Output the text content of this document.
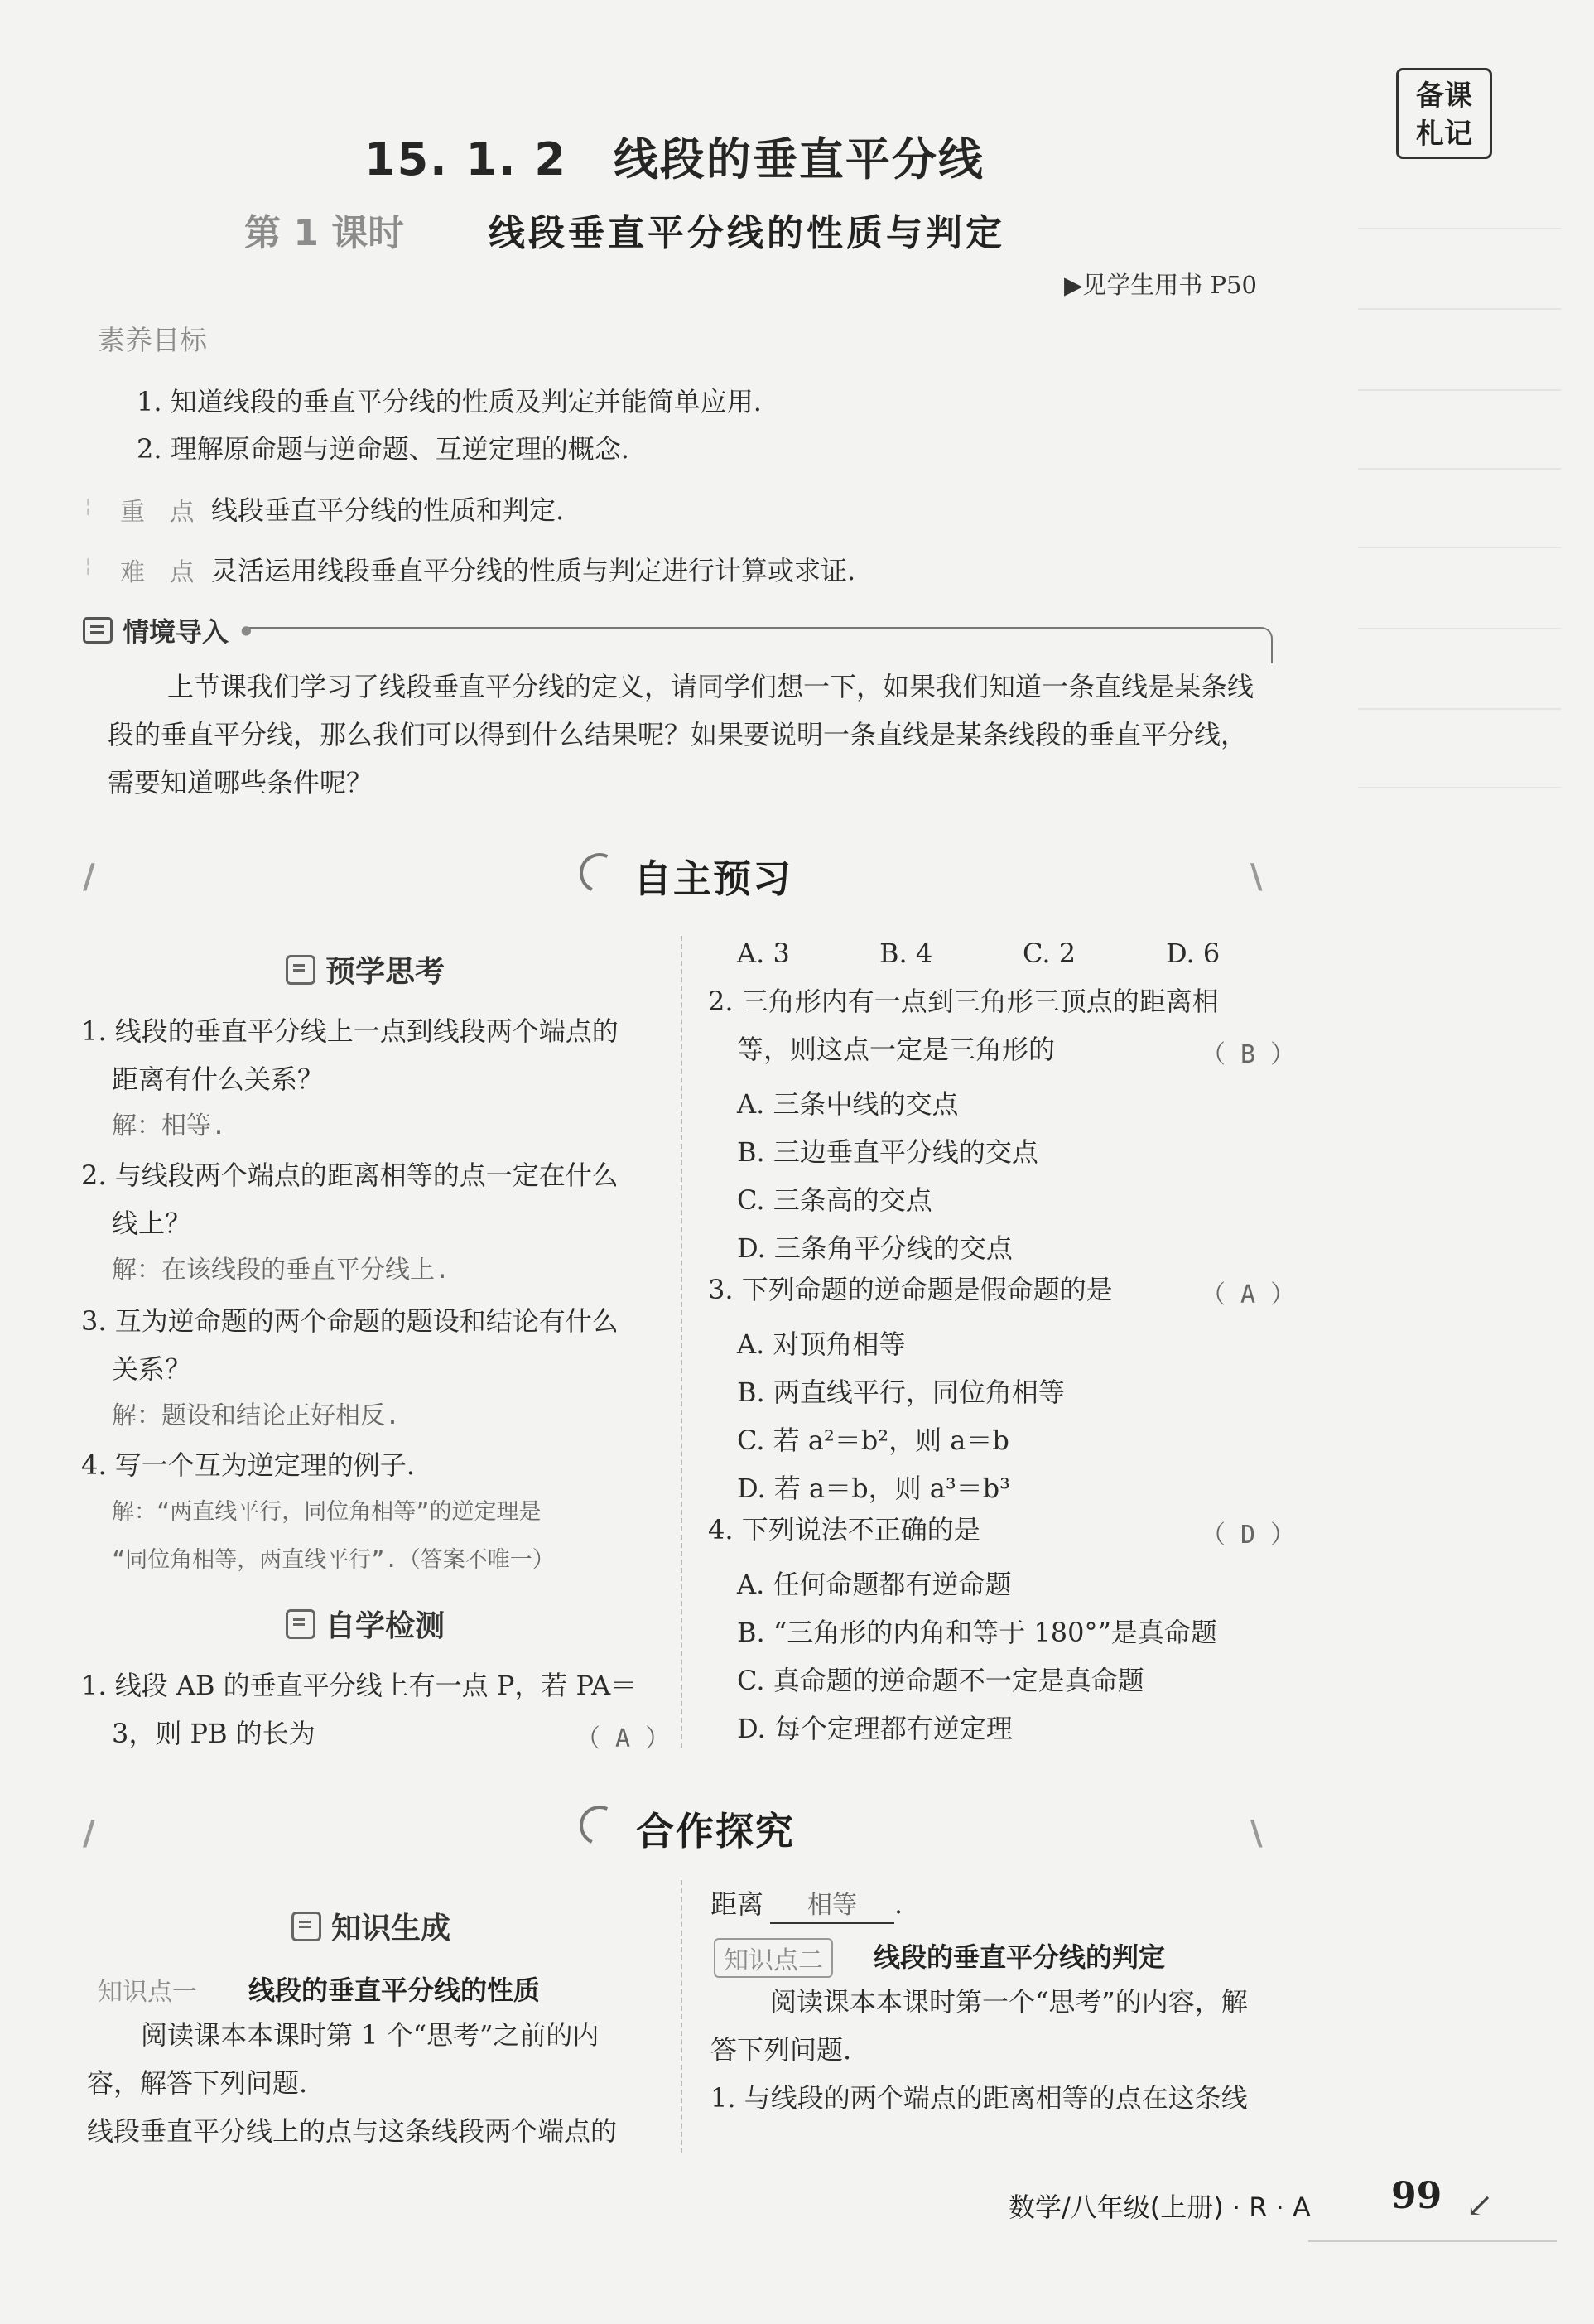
15. 1. 2　线段的垂直平分线
第 1 课时 线段垂直平分线的性质与判定
▶见学生用书 P50
备课
札记
素养目标
1. 知道线段的垂直平分线的性质及判定并能简单应用.
2. 理解原命题与逆命题、互逆定理的概念.
╎ 重 点 线段垂直平分线的性质和判定.
╎ 难 点 灵活运用线段垂直平分线的性质与判定进行计算或求证.
情境导入 •
上节课我们学习了线段垂直平分线的定义，请同学们想一下，如果我们知道一条直线是某条线段的垂直平分线，那么我们可以得到什么结果呢？如果要说明一条直线是某条线段的垂直平分线，需要知道哪些条件呢？
/	自主预习	\
预学思考
1. 线段的垂直平分线上一点到线段两个端点的
距离有什么关系？
解：相等.
2. 与线段两个端点的距离相等的点一定在什么
线上？
解：在该线段的垂直平分线上.
3. 互为逆命题的两个命题的题设和结论有什么
关系？
解：题设和结论正好相反.
4. 写一个互为逆定理的例子.
解：“两直线平行，同位角相等”的逆定理是
“同位角相等，两直线平行”.（答案不唯一）
自学检测
1. 线段 AB 的垂直平分线上有一点 P，若 PA＝
3，则 PB 的长为	（ A ）
A. 3	B. 4	C. 2	D. 6
2. 三角形内有一点到三角形三顶点的距离相
等，则这点一定是三角形的	（ B ）
A. 三条中线的交点
B. 三边垂直平分线的交点
C. 三条高的交点
D. 三条角平分线的交点
3. 下列命题的逆命题是假命题的是	（ A ）
A. 对顶角相等
B. 两直线平行，同位角相等
C. 若 a²＝b²，则 a＝b
D. 若 a＝b，则 a³＝b³
4. 下列说法不正确的是	（ D ）
A. 任何命题都有逆命题
B. “三角形的内角和等于 180°”是真命题
C. 真命题的逆命题不一定是真命题
D. 每个定理都有逆定理
/	合作探究	\
知识生成
知识点一 线段的垂直平分线的性质
阅读课本本课时第 1 个“思考”之前的内
容，解答下列问题.
线段垂直平分线上的点与这条线段两个端点的
距离 相等 .
知识点二	线段的垂直平分线的判定
阅读课本本课时第一个“思考”的内容，解
答下列问题.
1. 与线段的两个端点的距离相等的点在这条线
数学/八年级(上册) · R · A 99 ↙
